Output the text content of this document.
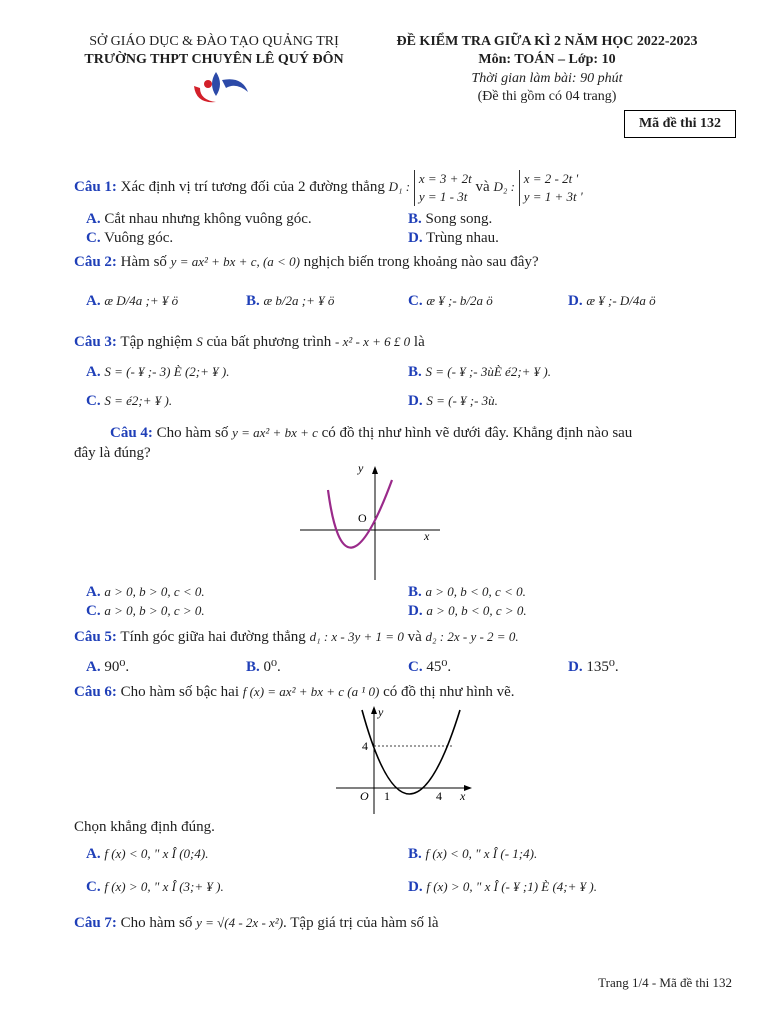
SỞ GIÁO DỤC & ĐÀO TẠO QUẢNG TRỊ
TRƯỜNG THPT CHUYÊN LÊ QUÝ ĐÔN
ĐỀ KIỂM TRA GIỮA KÌ 2 NĂM HỌC 2022-2023
Môn: TOÁN – Lớp: 10
Thời gian làm bài: 90 phút
(Đề thi gồm có 04 trang)
Mã đề thi 132
Câu 1: Xác định vị trí tương đối của 2 đường thẳng D₁ : x = 3 + 2t
y = 1 - 3t và D₂ : x = 2 - 2t '
y = 1 + 3t '
A. Cắt nhau nhưng không vuông góc.	B. Song song.
C. Vuông góc.	D. Trùng nhau.
Câu 2: Hàm số y = ax² + bx + c, (a < 0) nghịch biến trong khoảng nào sau đây?
A. æ D/4a ;+ ¥ ö	B. æ b/2a ;+ ¥ ö	C. æ ¥ ;- b/2a ö	D. æ ¥ ;- D/4a ö
Câu 3: Tập nghiệm S của bất phương trình - x² - x + 6 £ 0 là
A. S = (- ¥ ;- 3) È (2;+ ¥ ).	B. S = (- ¥ ;- 3ùÈ é2;+ ¥ ).
C. S = é2;+ ¥ ).	D. S = (- ¥ ;- 3ù.
Câu 4: Cho hàm số y = ax² + bx + c có đồ thị như hình vẽ dưới đây. Khẳng định nào sau
đây là đúng?
y
x
O
A. a > 0, b > 0, c < 0.	B. a > 0, b < 0, c < 0.
C. a > 0, b > 0, c > 0.	D. a > 0, b < 0, c > 0.
Câu 5: Tính góc giữa hai đường thẳng d₁ : x - 3y + 1 = 0 và d₂ : 2x - y - 2 = 0.
A. 90⁰.	B. 0⁰.	C. 45⁰.	D. 135⁰.
Câu 6: Cho hàm số bậc hai f (x) = ax² + bx + c (a ¹ 0) có đồ thị như hình vẽ.
y
x
O 1	4
4
Chọn khẳng định đúng.
A. f (x) < 0, " x Î (0;4).	B. f (x) < 0, " x Î (- 1;4).
C. f (x) > 0, " x Î (3;+ ¥ ).	D. f (x) > 0, " x Î (- ¥ ;1) È (4;+ ¥ ).
Câu 7: Cho hàm số y = √(4 - 2x - x²). Tập giá trị của hàm số là
Trang 1/4 - Mã đề thi 132
